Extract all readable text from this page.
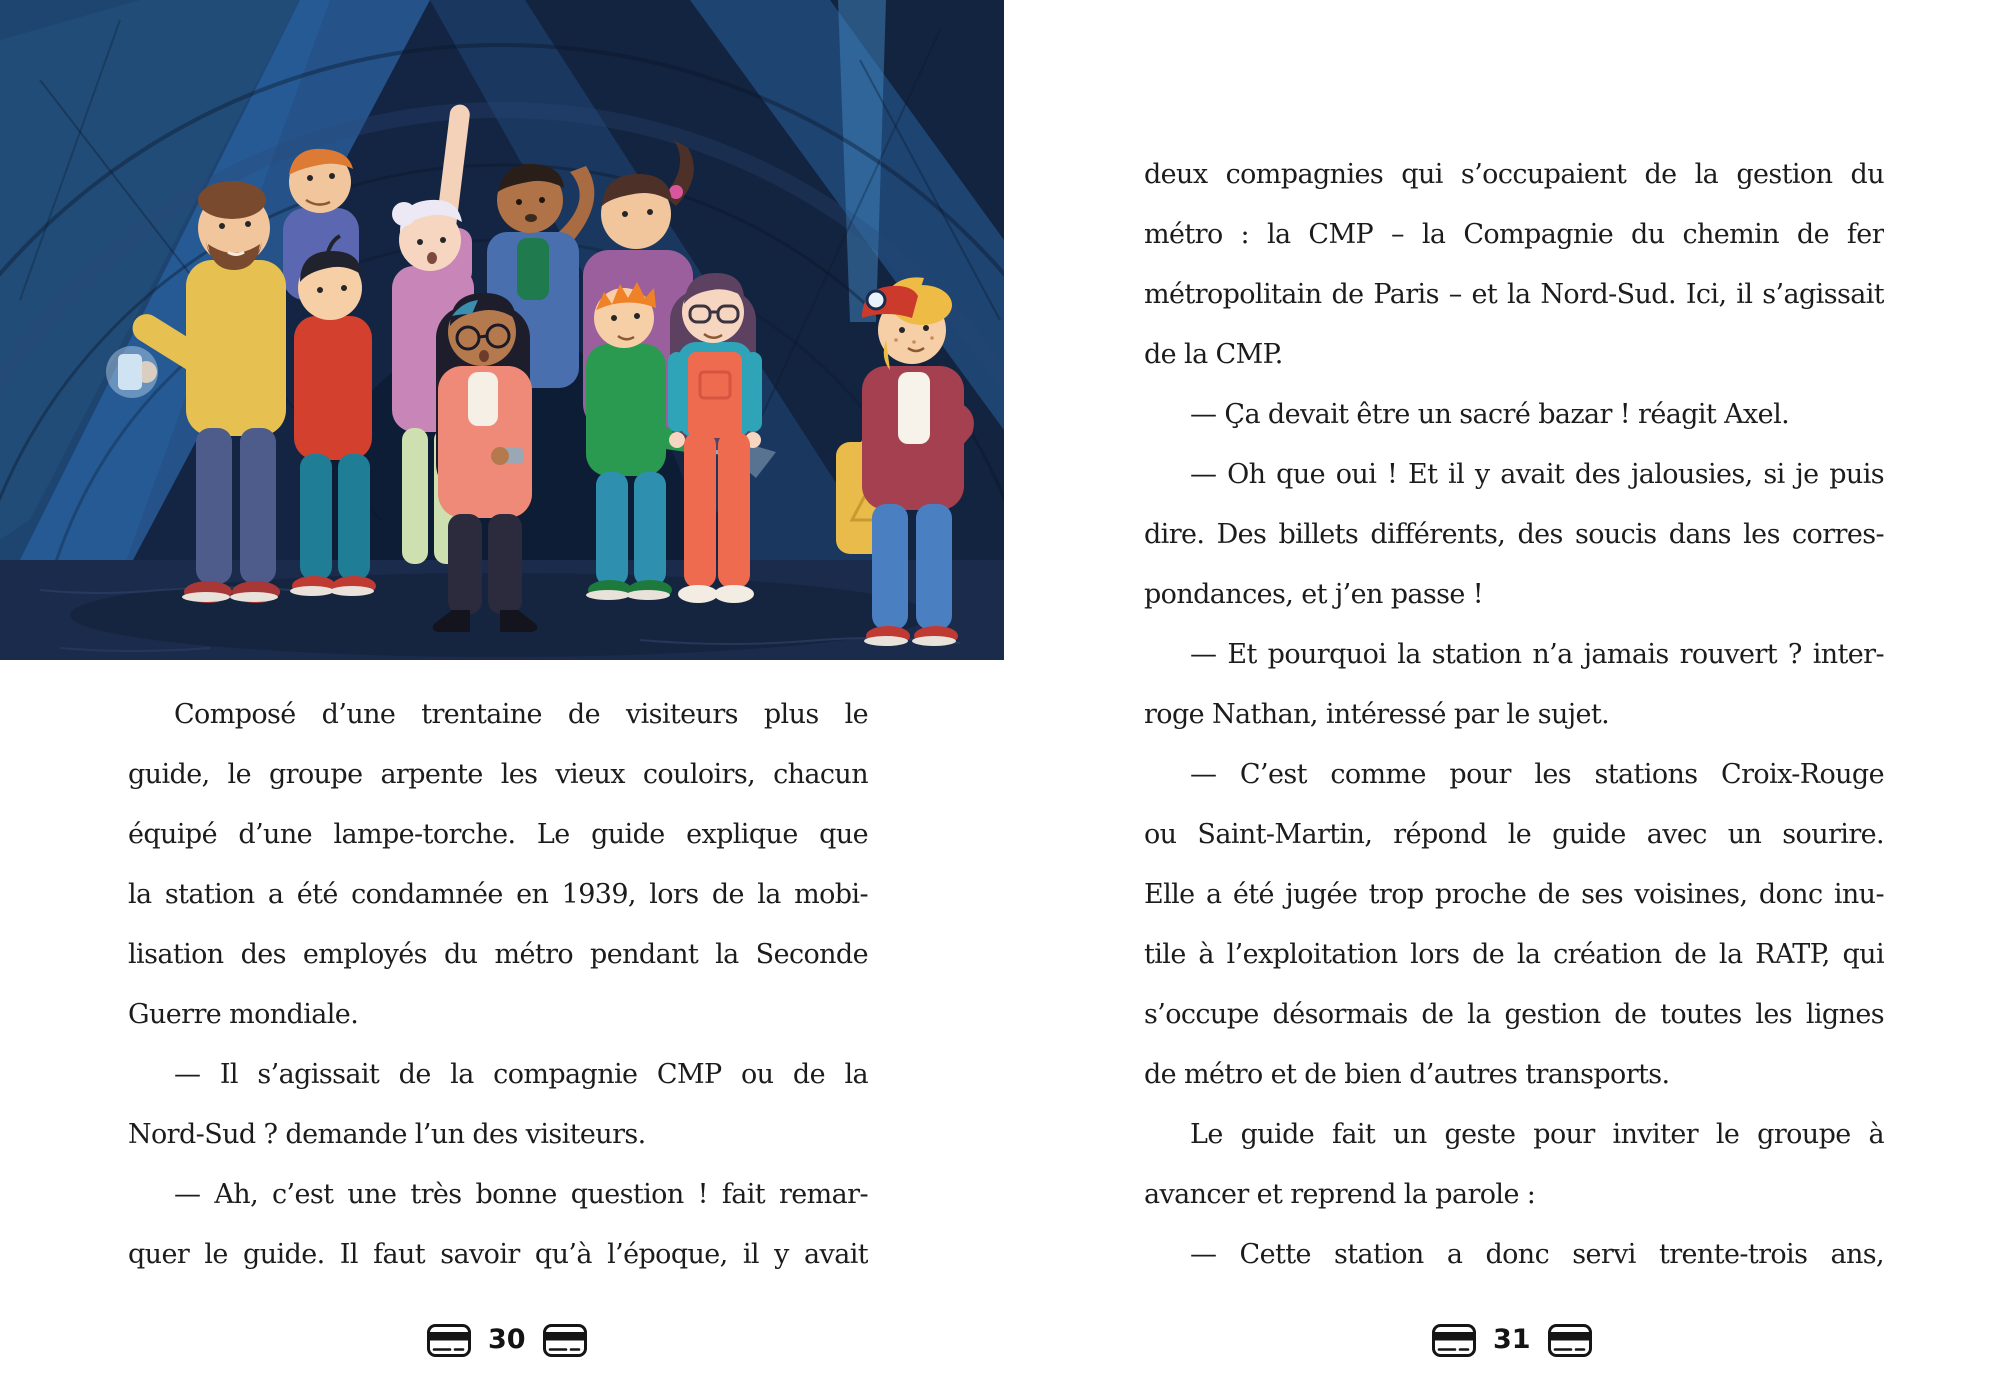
Composé d’une trentaine de visiteurs plus le
guide, le groupe arpente les vieux couloirs, chacun
équipé d’une lampe-torche. Le guide explique que
la station a été condamnée en 1939, lors de la mobi-
lisation des employés du métro pendant la Seconde
Guerre mondiale.
— Il s’agissait de la compagnie CMP ou de la
Nord-Sud ? demande l’un des visiteurs.
— Ah, c’est une très bonne question ! fait remar-
quer le guide. Il faut savoir qu’à l’époque, il y avait
30
deux compagnies qui s’occupaient de la gestion du
métro : la CMP – la Compagnie du chemin de fer
métropolitain de Paris – et la Nord-Sud. Ici, il s’agissait
de la CMP.
— Ça devait être un sacré bazar ! réagit Axel.
— Oh que oui ! Et il y avait des jalousies, si je puis
dire. Des billets différents, des soucis dans les corres-
pondances, et j’en passe !
— Et pourquoi la station n’a jamais rouvert ? inter-
roge Nathan, intéressé par le sujet.
— C’est comme pour les stations Croix-Rouge
ou Saint-Martin, répond le guide avec un sourire.
Elle a été jugée trop proche de ses voisines, donc inu-
tile à l’exploitation lors de la création de la RATP, qui
s’occupe désormais de la gestion de toutes les lignes
de métro et de bien d’autres transports.
Le guide fait un geste pour inviter le groupe à
avancer et reprend la parole :
— Cette station a donc servi trente-trois ans,
31
